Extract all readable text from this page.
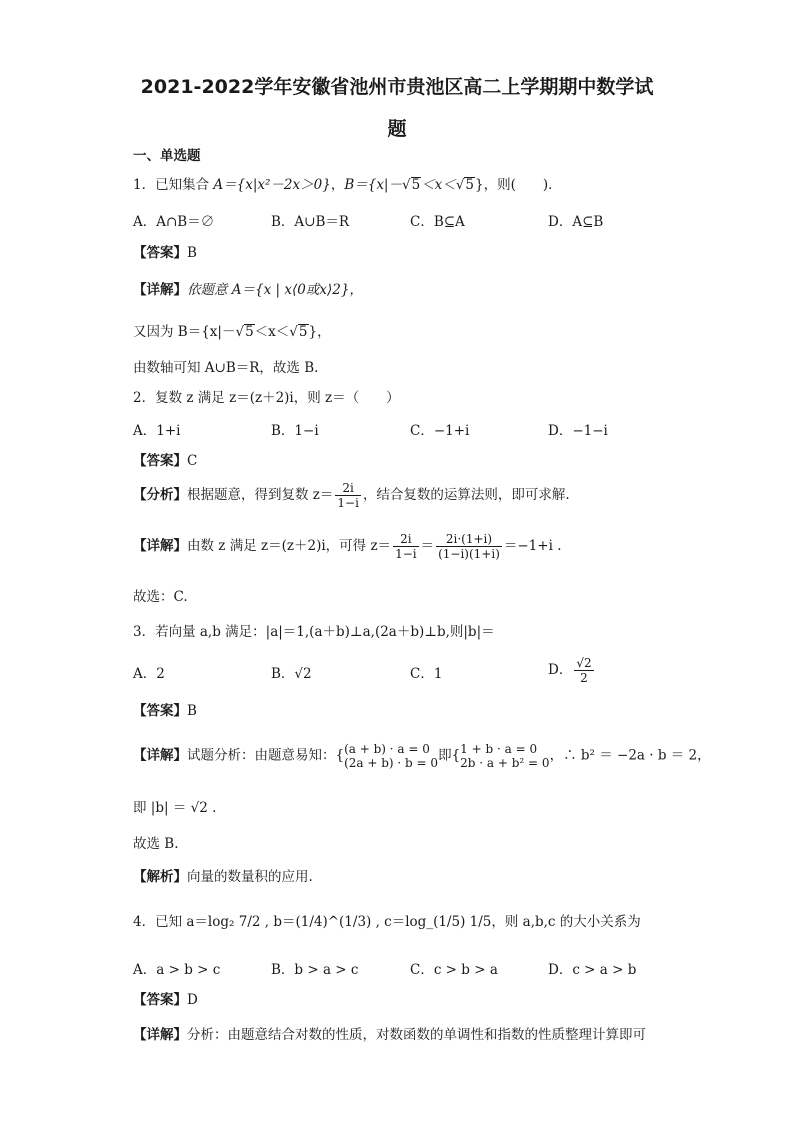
2021-2022学年安徽省池州市贵池区高二上学期期中数学试
题
一、单选题
1．已知集合 A＝{x|x²－2x＞0}，B＝{x|－√5＜x＜√5}，则(　　)．
A．A∩B＝∅	B．A∪B＝R	C．B⊆A	D．A⊆B
【答案】B
【详解】依题意 A＝{x | x⟨0或x⟩2}，
又因为 B＝{x|－√5＜x＜√5}，
由数轴可知 A∪B＝R，故选 B.
2．复数 z 满足 z＝(z＋2)i，则 z＝（　　）
A．1+i	B．1−i	C．−1+i	D．−1−i
【答案】C
【分析】根据题意，得到复数 $z= \frac{2i}{1-i}$ ，结合复数的运算法则，即可求解.
【详解】由数 z 满足 z＝(z＋2)i，可得 $z= \frac{2i}{1-i} = \frac{2i\cdot(1+i)}{(1-i)(1+i)} =-1+i$ .
故选：C.
3．若向量 a,b 满足：|a|＝1,(a＋b)⊥a,(2a＋b)⊥b,则|b|＝
A．2	B．√2	C．1	D． $\frac{√2}{2}$
【答案】B
【详解】试题分析：由题意易知：{ (a + b) · a = 0
(2a + b) · b = 0 即{ 1 + b · a = 0
2b · a + b² = 0 ，∴ b² ＝ −2a · b ＝ 2，
即 |b| ＝ √2 .
故选 B.
【解析】向量的数量积的应用.
4．已知 a＝log₂ 7/2 , b＝(1/4)^(1/3) , c＝log_(1/5) 1/5，则 a,b,c 的大小关系为
A．a > b > c	B．b > a > c	C．c > b > a	D．c > a > b
【答案】D
【详解】分析：由题意结合对数的性质，对数函数的单调性和指数的性质整理计算即可
